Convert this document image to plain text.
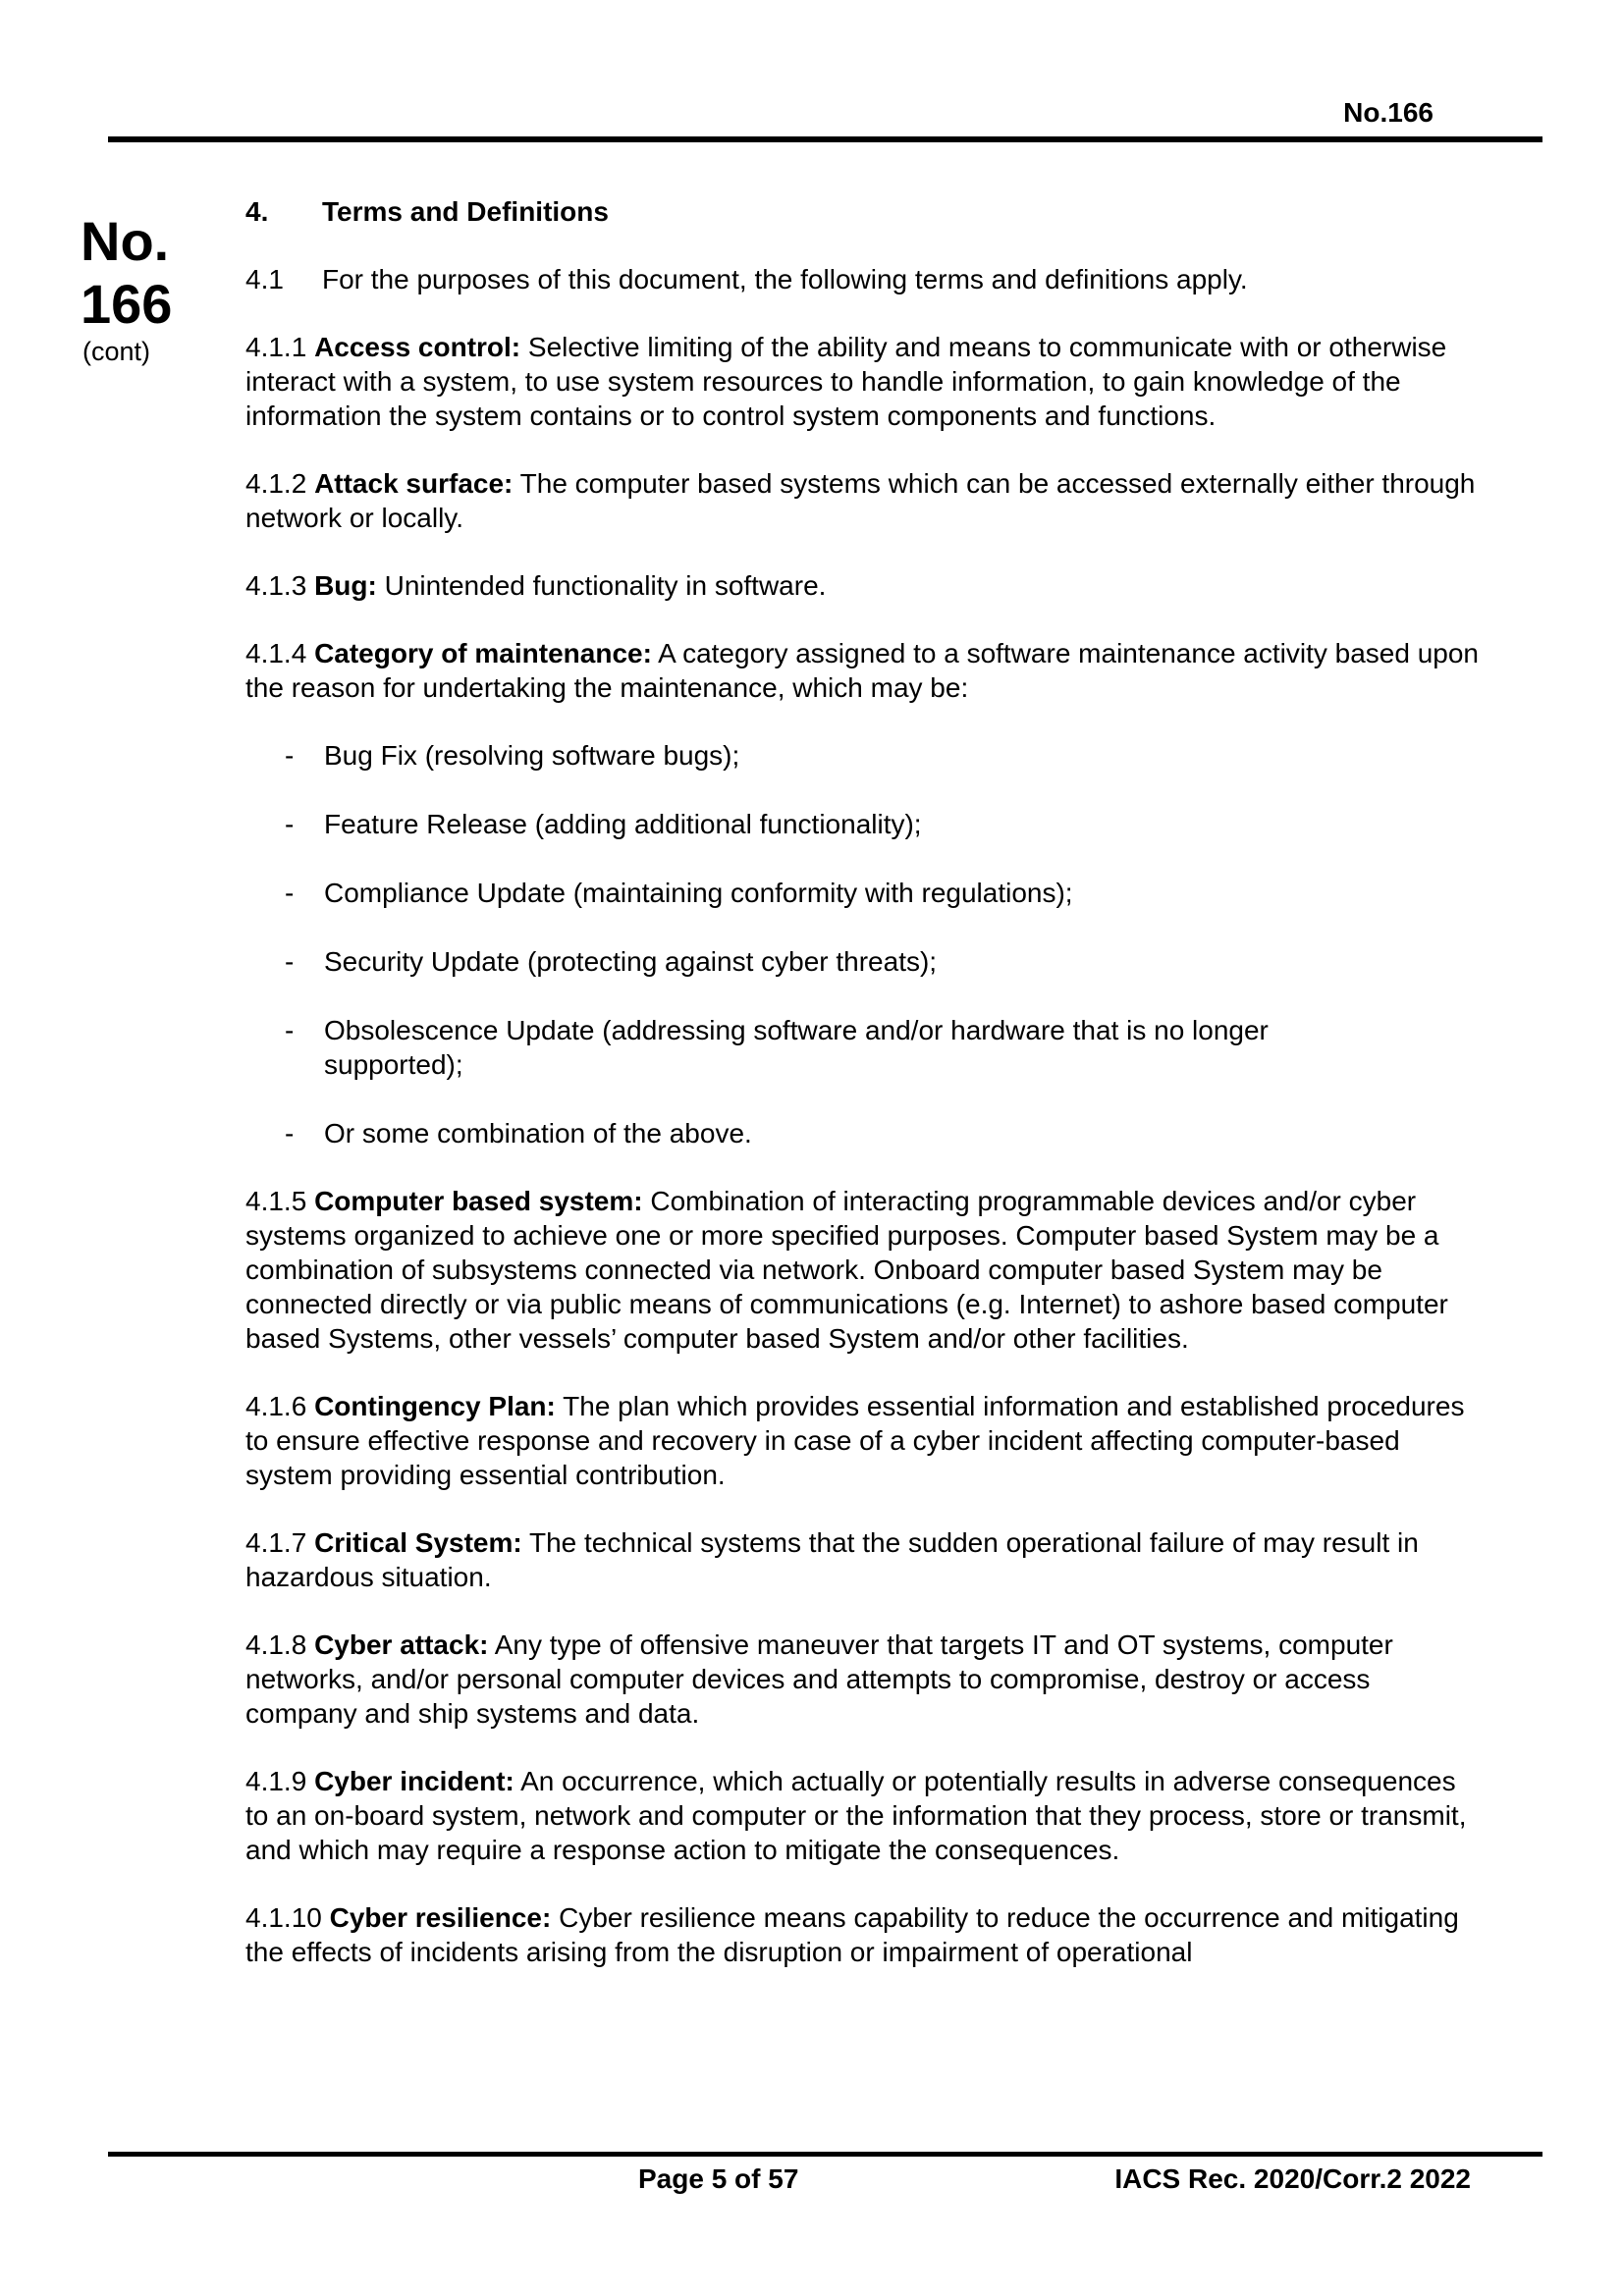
No.166

No.

166

(cont)

4.	Terms and Definitions

4.1	For the purposes of this document, the following terms and definitions apply.

4.1.1 Access control: Selective limiting of the ability and means to communicate with or otherwise interact with a system, to use system resources to handle information, to gain knowledge of the information the system contains or to control system components and functions.

4.1.2 Attack surface: The computer based systems which can be accessed externally either through network or locally.

4.1.3 Bug: Unintended functionality in software.

4.1.4 Category of maintenance: A category assigned to a software maintenance activity based upon the reason for undertaking the maintenance, which may be:

-	Bug Fix (resolving software bugs);
-	Feature Release (adding additional functionality);
-	Compliance Update (maintaining conformity with regulations);
-	Security Update (protecting against cyber threats);
-	Obsolescence Update (addressing software and/or hardware that is no longer supported);
-	Or some combination of the above.

4.1.5 Computer based system: Combination of interacting programmable devices and/or cyber systems organized to achieve one or more specified purposes. Computer based System may be a combination of subsystems connected via network. Onboard computer based System may be connected directly or via public means of communications (e.g. Internet) to ashore based computer based Systems, other vessels’ computer based System and/or other facilities.

4.1.6 Contingency Plan: The plan which provides essential information and established procedures to ensure effective response and recovery in case of a cyber incident affecting computer-based system providing essential contribution.

4.1.7 Critical System: The technical systems that the sudden operational failure of may result in hazardous situation.

4.1.8 Cyber attack: Any type of offensive maneuver that targets IT and OT systems, computer networks, and/or personal computer devices and attempts to compromise, destroy or access company and ship systems and data.

4.1.9 Cyber incident: An occurrence, which actually or potentially results in adverse consequences to an on-board system, network and computer or the information that they process, store or transmit, and which may require a response action to mitigate the consequences.

4.1.10 Cyber resilience: Cyber resilience means capability to reduce the occurrence and mitigating the effects of incidents arising from the disruption or impairment of operational

Page 5 of 57	IACS Rec. 2020/Corr.2 2022
